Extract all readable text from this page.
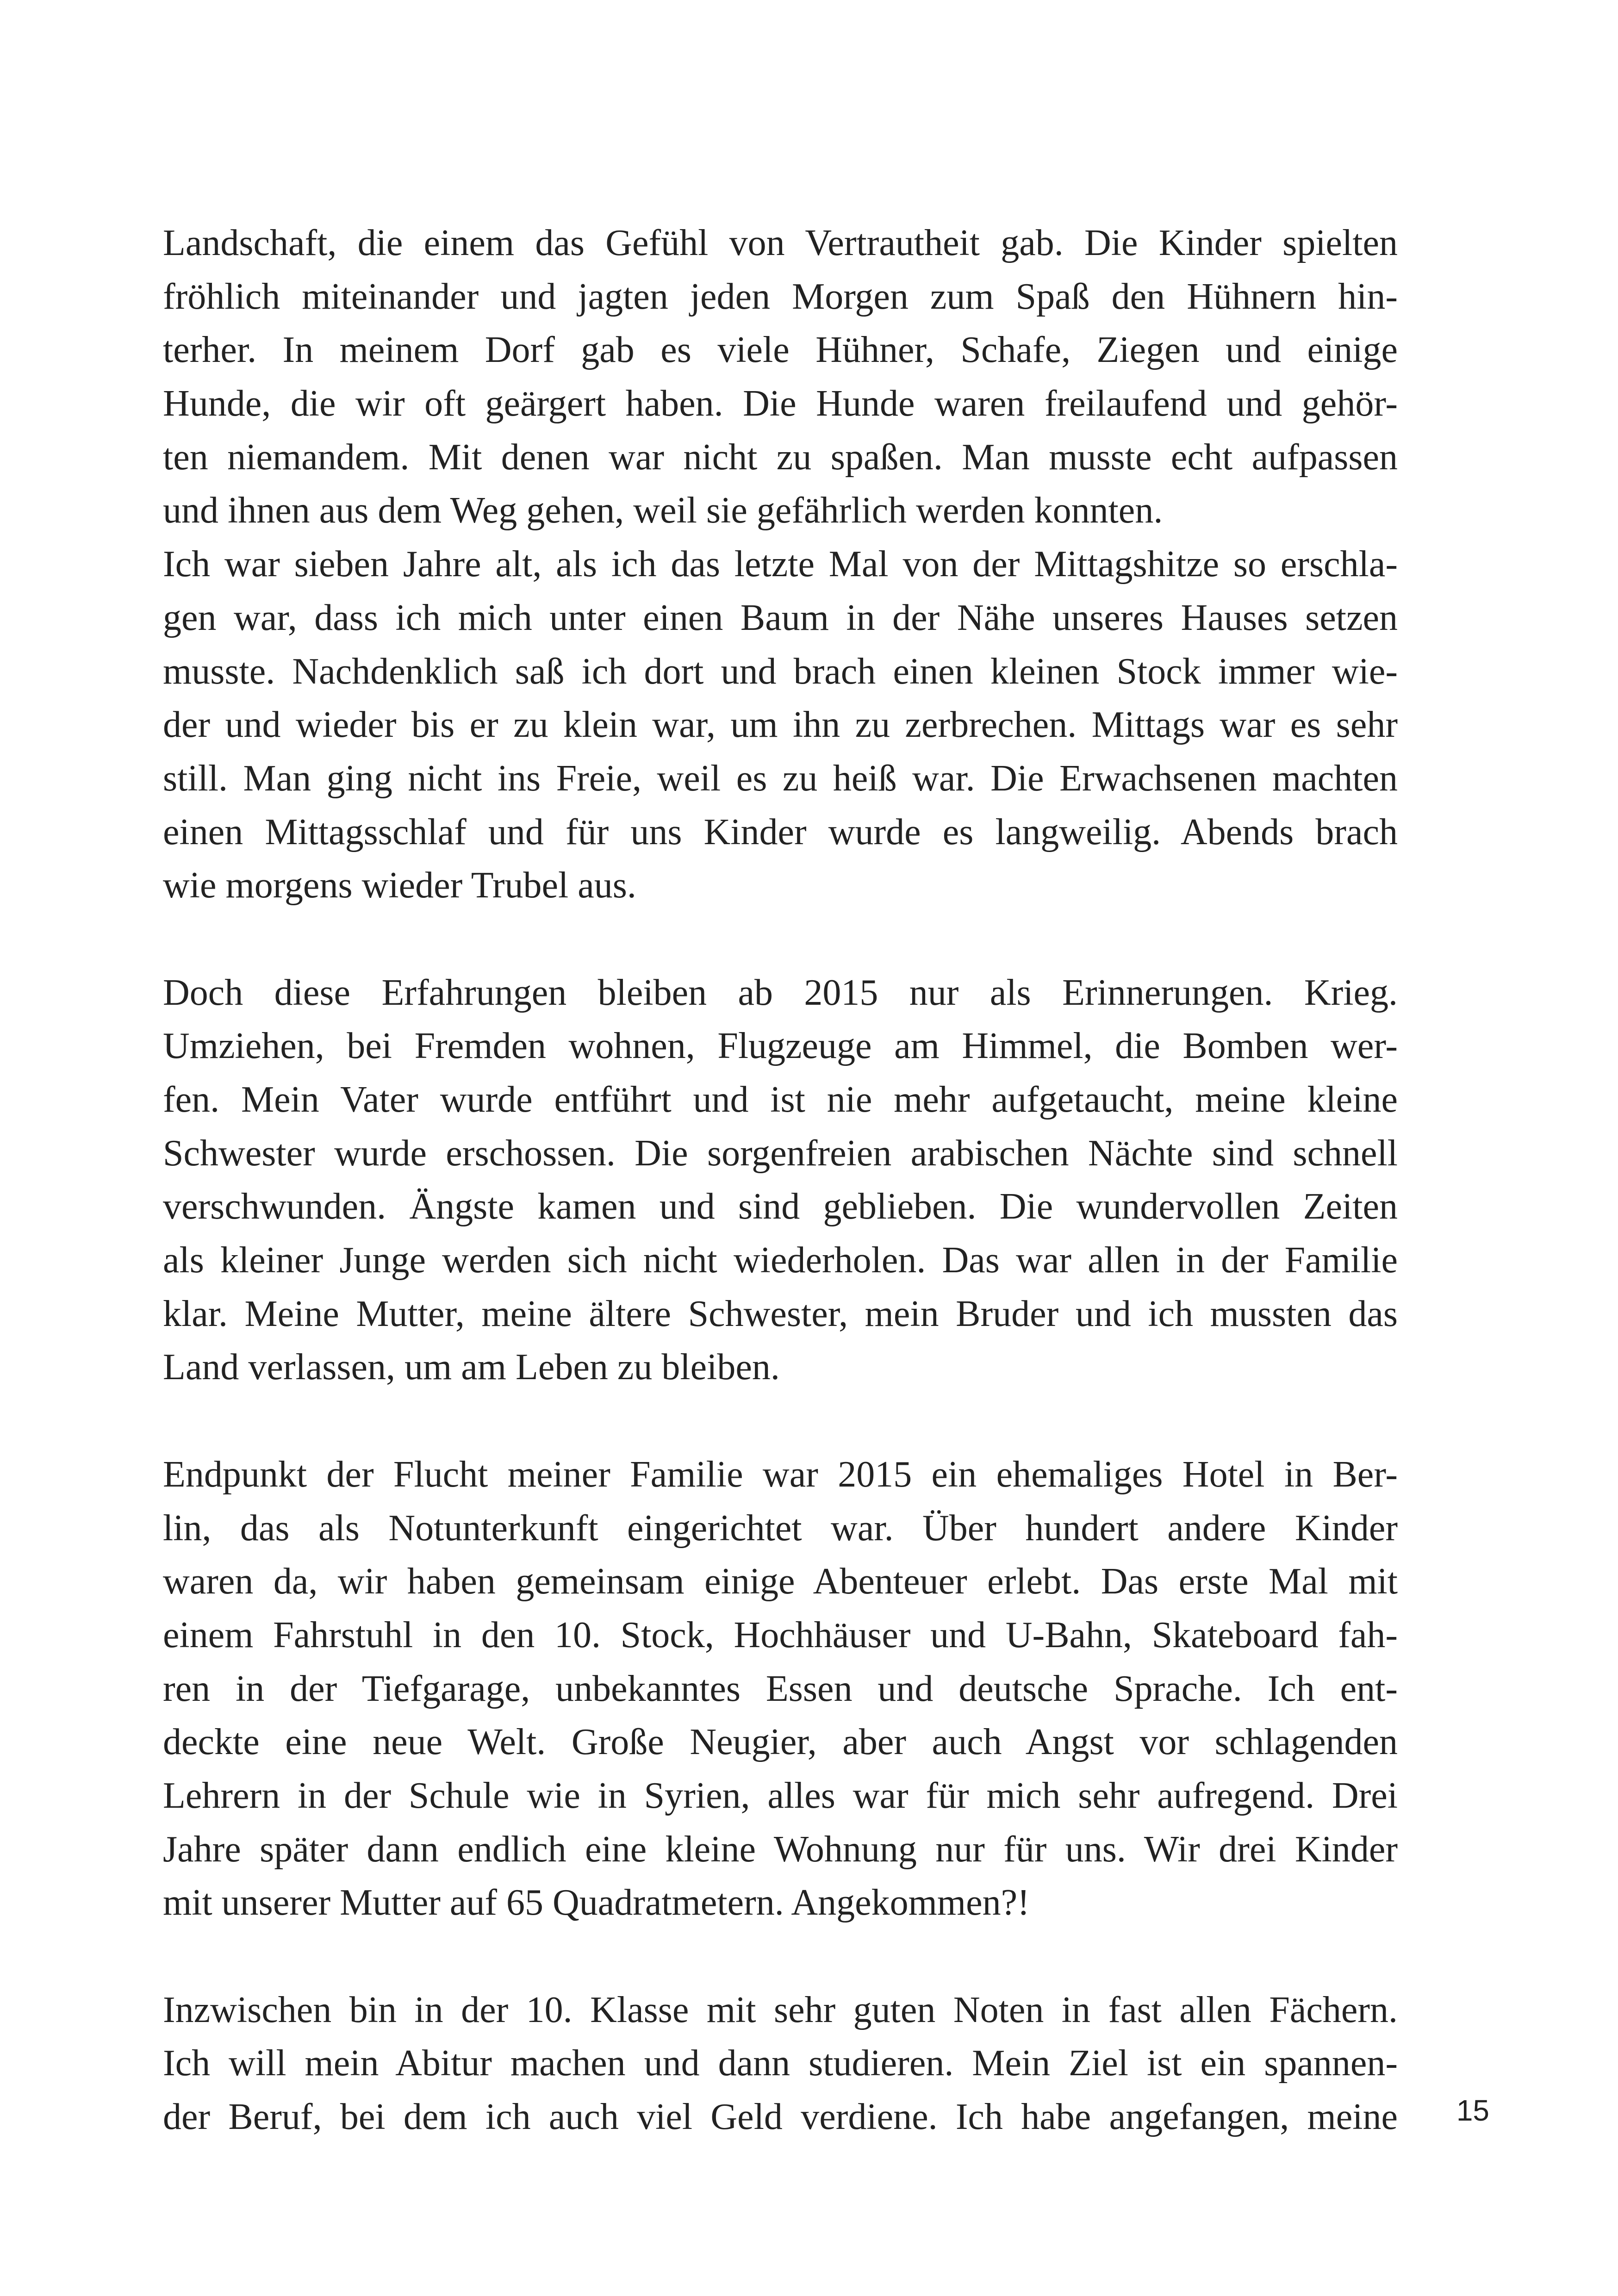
Landschaft, die einem das Gefühl von Vertrautheit gab. Die Kinder spielten
fröhlich miteinander und jagten jeden Morgen zum Spaß den Hühnern hin-
terher. In meinem Dorf gab es viele Hühner, Schafe, Ziegen und einige
Hunde, die wir oft geärgert haben. Die Hunde waren freilaufend und gehör-
ten niemandem. Mit denen war nicht zu spaßen. Man musste echt aufpassen
und ihnen aus dem Weg gehen, weil sie gefährlich werden konnten.
Ich war sieben Jahre alt, als ich das letzte Mal von der Mittagshitze so erschla-
gen war, dass ich mich unter einen Baum in der Nähe unseres Hauses setzen
musste. Nachdenklich saß ich dort und brach einen kleinen Stock immer wie-
der und wieder bis er zu klein war, um ihn zu zerbrechen. Mittags war es sehr
still. Man ging nicht ins Freie, weil es zu heiß war. Die Erwachsenen machten
einen Mittagsschlaf und für uns Kinder wurde es langweilig. Abends brach
wie morgens wieder Trubel aus.
Doch diese Erfahrungen bleiben ab 2015 nur als Erinnerungen. Krieg.
Umziehen, bei Fremden wohnen, Flugzeuge am Himmel, die Bomben wer-
fen. Mein Vater wurde entführt und ist nie mehr aufgetaucht, meine kleine
Schwester wurde erschossen. Die sorgenfreien arabischen Nächte sind schnell
verschwunden. Ängste kamen und sind geblieben. Die wundervollen Zeiten
als kleiner Junge werden sich nicht wiederholen. Das war allen in der Familie
klar. Meine Mutter, meine ältere Schwester, mein Bruder und ich mussten das
Land verlassen, um am Leben zu bleiben.
Endpunkt der Flucht meiner Familie war 2015 ein ehemaliges Hotel in Ber-
lin, das als Notunterkunft eingerichtet war. Über hundert andere Kinder
waren da, wir haben gemeinsam einige Abenteuer erlebt. Das erste Mal mit
einem Fahrstuhl in den 10. Stock, Hochhäuser und U-Bahn, Skateboard fah-
ren in der Tiefgarage, unbekanntes Essen und deutsche Sprache. Ich ent-
deckte eine neue Welt. Große Neugier, aber auch Angst vor schlagenden
Lehrern in der Schule wie in Syrien, alles war für mich sehr aufregend. Drei
Jahre später dann endlich eine kleine Wohnung nur für uns. Wir drei Kinder
mit unserer Mutter auf 65 Quadratmetern. Angekommen?!
Inzwischen bin in der 10. Klasse mit sehr guten Noten in fast allen Fächern.
Ich will mein Abitur machen und dann studieren. Mein Ziel ist ein spannen-
der Beruf, bei dem ich auch viel Geld verdiene. Ich habe angefangen, meine	15
